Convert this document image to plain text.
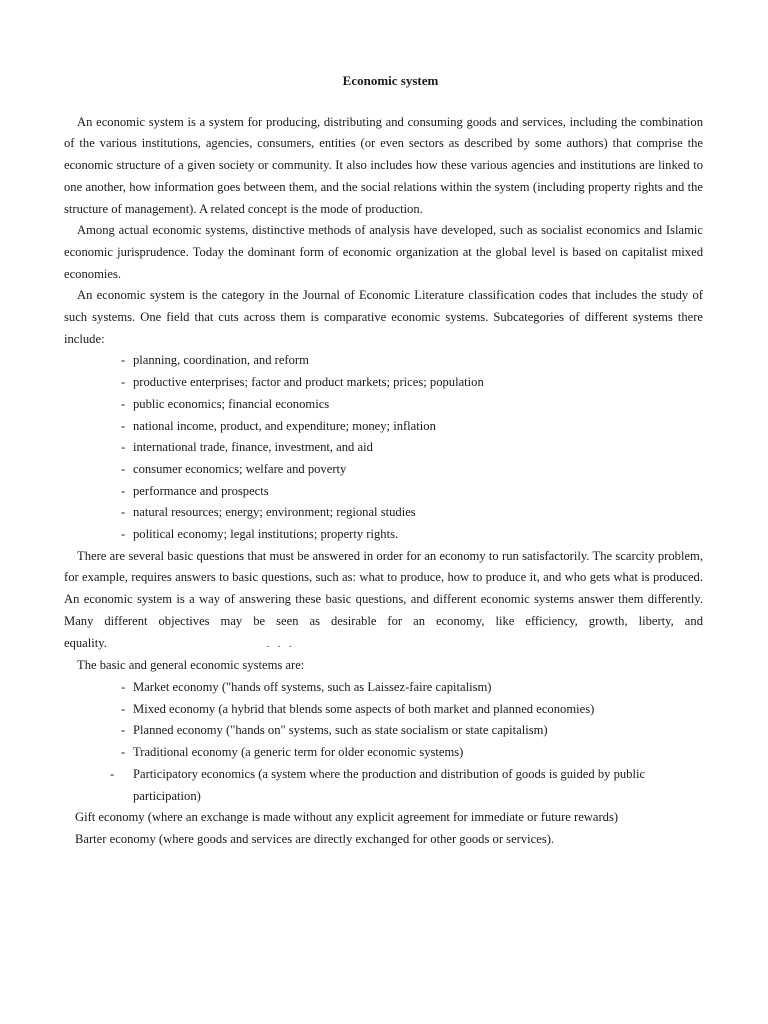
Economic system

An economic system is a system for producing, distributing and consuming goods and services, including the combination of the various institutions, agencies, consumers, entities (or even sectors as described by some authors) that comprise the economic structure of a given society or community. It also includes how these various agencies and institutions are linked to one another, how information goes between them, and the social relations within the system (including property rights and the structure of management). A related concept is the mode of production.

Among actual economic systems, distinctive methods of analysis have developed, such as socialist economics and Islamic economic jurisprudence. Today the dominant form of economic organization at the global level is based on capitalist mixed economies.

An economic system is the category in the Journal of Economic Literature classification codes that includes the study of such systems. One field that cuts across them is comparative economic systems. Subcategories of different systems there include:

- planning, coordination, and reform
- productive enterprises; factor and product markets; prices; population
- public economics; financial economics
- national income, product, and expenditure; money; inflation
- international trade, finance, investment, and aid
- consumer economics; welfare and poverty
- performance and prospects
- natural resources; energy; environment; regional studies
- political economy; legal institutions; property rights.

There are several basic questions that must be answered in order for an economy to run satisfactorily. The scarcity problem, for example, requires answers to basic questions, such as: what to produce, how to produce it, and who gets what is produced. An economic system is a way of answering these basic questions, and different economic systems answer them differently. Many different objectives may be seen as desirable for an economy, like efficiency, growth, liberty, and equality.	. . .

The basic and general economic systems are:

- Market economy ("hands off systems, such as Laissez-faire capitalism)
- Mixed economy (a hybrid that blends some aspects of both market and planned economies)
- Planned economy ("hands on" systems, such as state socialism or state capitalism)
- Traditional economy (a generic term for older economic systems)
-	Participatory economics (a system where the production and distribution of goods is guided by public participation)

Gift economy (where an exchange is made without any explicit agreement for immediate or future rewards)

Barter economy (where goods and services are directly exchanged for other goods or services).
